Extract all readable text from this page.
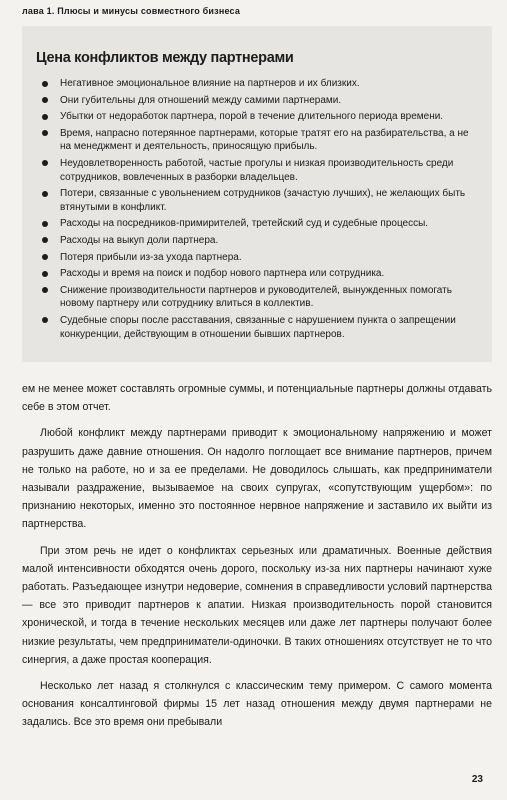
лава 1. Плюсы и минусы совместного бизнеса
Цена конфликтов между партнерами
Негативное эмоциональное влияние на партнеров и их близких.
Они губительны для отношений между самими партнерами.
Убытки от недоработок партнера, порой в течение длительного периода времени.
Время, напрасно потерянное партнерами, которые тратят его на разбирательства, а не на менеджмент и деятельность, приносящую прибыль.
Неудовлетворенность работой, частые прогулы и низкая производительность среди сотрудников, вовлеченных в разборки владельцев.
Потери, связанные с увольнением сотрудников (зачастую лучших), не желающих быть втянутыми в конфликт.
Расходы на посредников-примирителей, третейский суд и судебные процессы.
Расходы на выкуп доли партнера.
Потеря прибыли из-за ухода партнера.
Расходы и время на поиск и подбор нового партнера или сотрудника.
Снижение производительности партнеров и руководителей, вынужденных помогать новому партнеру или сотруднику влиться в коллектив.
Судебные споры после расставания, связанные с нарушением пункта о запрещении конкуренции, действующим в отношении бывших партнеров.

ем не менее может составлять огромные суммы, и потенциальные партнеры должны отдавать себе в этом отчет.

Любой конфликт между партнерами приводит к эмоциональному напряжению и может разрушить даже давние отношения. Он надолго поглощает все внимание партнеров, причем не только на работе, но и за ее пределами. Не доводилось слышать, как предприниматели называли раздражение, вызываемое на своих супругах, «сопутствующим ущербом»: по признанию некоторых, именно это постоянное нервное напряжение и заставило их выйти из партнерства.

При этом речь не идет о конфликтах серьезных или драматичных. Военные действия малой интенсивности обходятся очень дорого, поскольку из-за них партнеры начинают хуже работать. Разъедающее изнутри недоверие, сомнения в справедливости условий партнерства — все это приводит партнеров к апатии. Низкая производительность порой становится хронической, и тогда в течение нескольких месяцев или даже лет партнеры получают более низкие результаты, чем предприниматели-одиночки. В таких отношениях отсутствует не то что синергия, а даже простая кооперация.

Несколько лет назад я столкнулся с классическим тему примером. С самого момента основания консалтинговой фирмы 15 лет назад отношения между двумя партнерами не задались. Все это время они пребывали

23
